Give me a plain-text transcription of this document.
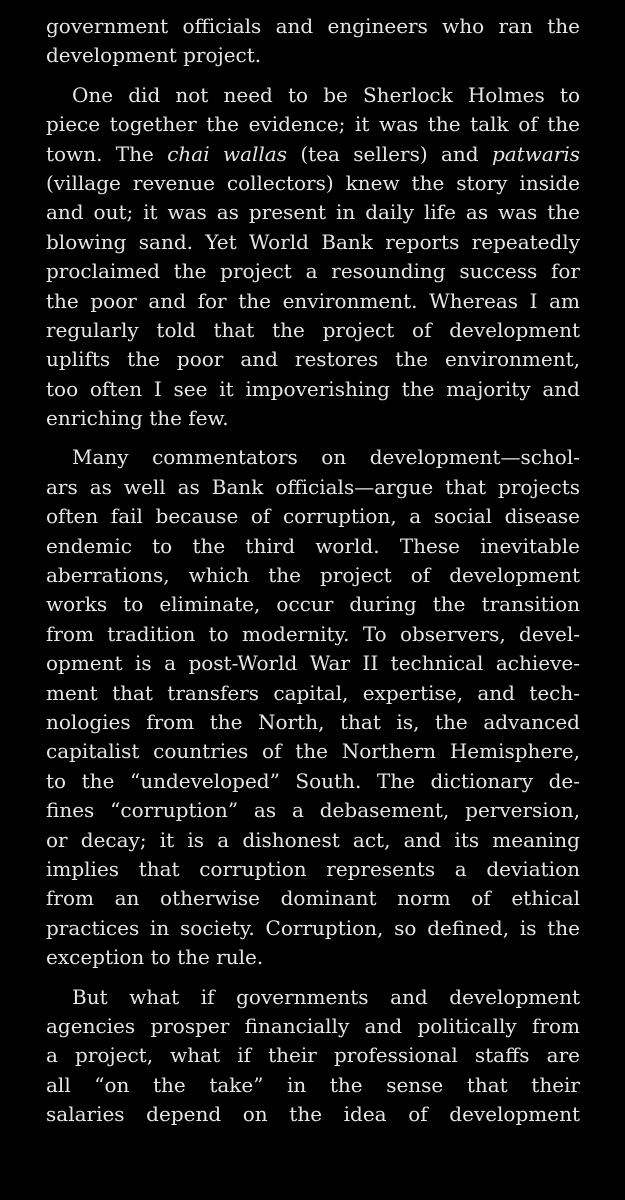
government officials and engineers who ran the
development project.
One did not need to be Sherlock Holmes to
piece together the evidence; it was the talk of the
town. The chai wallas (tea sellers) and patwaris
(village revenue collectors) knew the story inside
and out; it was as present in daily life as was the
blowing sand. Yet World Bank reports repeatedly
proclaimed the project a resounding success for
the poor and for the environment. Whereas I am
regularly told that the project of development
uplifts the poor and restores the environment,
too often I see it impoverishing the majority and
enriching the few.
Many commentators on development—schol-
ars as well as Bank officials—argue that projects
often fail because of corruption, a social disease
endemic to the third world. These inevitable
aberrations, which the project of development
works to eliminate, occur during the transition
from tradition to modernity. To observers, devel-
opment is a post-World War II technical achieve-
ment that transfers capital, expertise, and tech-
nologies from the North, that is, the advanced
capitalist countries of the Northern Hemisphere,
to the “undeveloped” South. The dictionary de-
fines “corruption” as a debasement, perversion,
or decay; it is a dishonest act, and its meaning
implies that corruption represents a deviation
from an otherwise dominant norm of ethical
practices in society. Corruption, so defined, is the
exception to the rule.
But what if governments and development
agencies prosper financially and politically from
a project, what if their professional staffs are
all “on the take” in the sense that their
salaries depend on the idea of development
